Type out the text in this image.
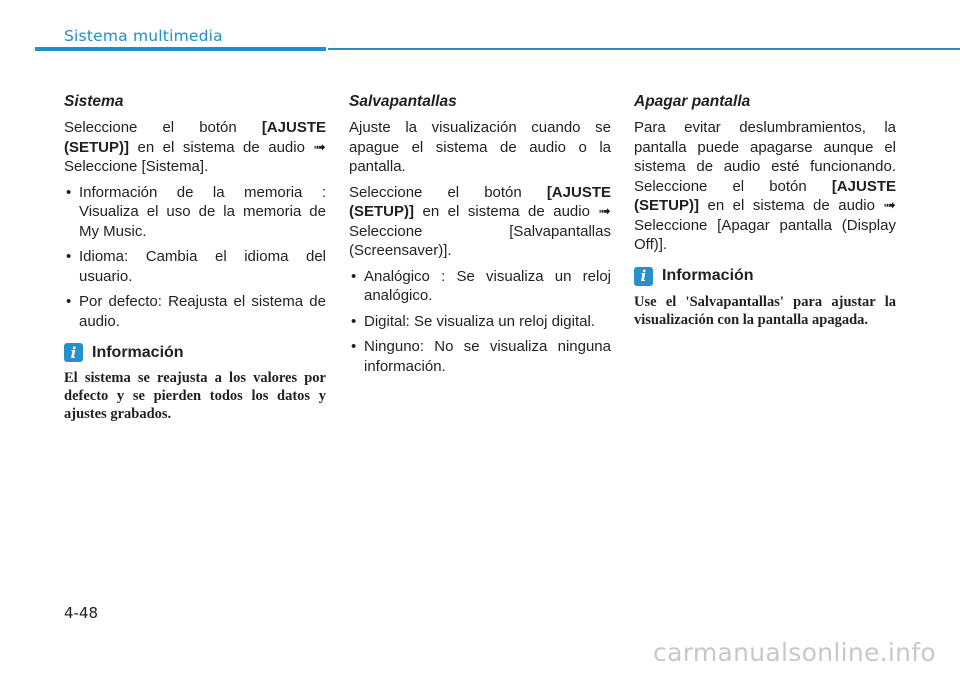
Sistema multimedia
Sistema

Seleccione el botón [AJUSTE (SETUP)] en el sistema de audio ➟ Seleccione [Sistema].

• Información de la memoria : Visualiza el uso de la memoria de My Music.
• Idioma: Cambia el idioma del usuario.
• Por defecto: Reajusta el sistema de audio.
i Información

El sistema se reajusta a los valores por defecto y se pierden todos los datos y ajustes grabados.

Salvapantallas

Ajuste la visualización cuando se apague el sistema de audio o la pantalla.

Seleccione el botón [AJUSTE (SETUP)] en el sistema de audio ➟ Seleccione [Salvapantallas (Screensaver)].

• Analógico : Se visualiza un reloj analógico.
• Digital: Se visualiza un reloj digital.
• Ninguno: No se visualiza ninguna información.
Apagar pantalla

Para evitar deslumbramientos, la pantalla puede apagarse aunque el sistema de audio esté funcionando. Seleccione el botón [AJUSTE (SETUP)] en el sistema de audio ➟ Seleccione [Apagar pantalla (Display Off)].

i Información

Use el 'Salvapantallas' para ajustar la visualización con la pantalla apagada.

4-48
carmanualsonline.info
